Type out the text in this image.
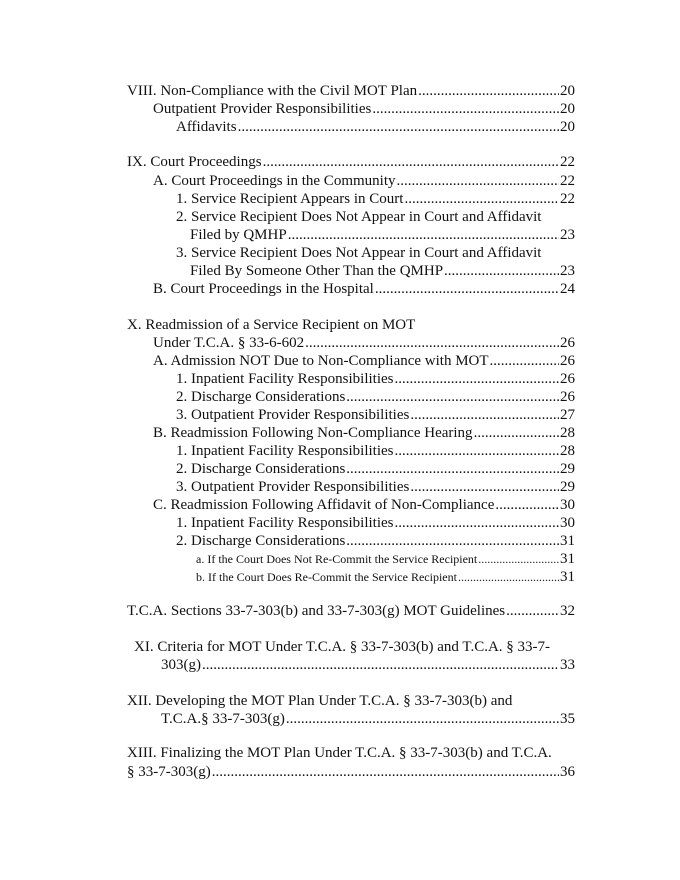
VIII. Non-Compliance with the Civil MOT Plan .....	20
Outpatient Provider Responsibilities .....	20
Affidavits .....	20
IX. Court Proceedings .....	22
A. Court Proceedings in the Community .....	22
1. Service Recipient Appears in Court .....	22
2. Service Recipient Does Not Appear in Court and Affidavit
Filed by QMHP .....	23
3. Service Recipient Does Not Appear in Court and Affidavit
Filed By Someone Other Than the QMHP .....	23
B. Court Proceedings in the Hospital .....	24
X. Readmission of a Service Recipient on MOT
Under T.C.A. § 33-6-602 .....	26
A. Admission NOT Due to Non-Compliance with MOT .....	26
1. Inpatient Facility Responsibilities .....	26
2. Discharge Considerations .....	26
3. Outpatient Provider Responsibilities .....	27
B. Readmission Following Non-Compliance Hearing .....	28
1. Inpatient Facility Responsibilities .....	28
2. Discharge Considerations .....	29
3. Outpatient Provider Responsibilities .....	29
C. Readmission Following Affidavit of Non-Compliance .....	30
1. Inpatient Facility Responsibilities .....	30
2. Discharge Considerations .....	31
a. If the Court Does Not Re-Commit the Service Recipient .....	31
b. If the Court Does Re-Commit the Service Recipient .....	31
T.C.A. Sections 33-7-303(b) and 33-7-303(g) MOT Guidelines .....	32
XI. Criteria for MOT Under T.C.A. § 33-7-303(b) and T.C.A. § 33-7-
303(g) .....	33
XII. Developing the MOT Plan Under T.C.A. § 33-7-303(b) and
T.C.A.§ 33-7-303(g) .....	35
XIII. Finalizing the MOT Plan Under T.C.A. § 33-7-303(b) and T.C.A.
§ 33-7-303(g) .....	36
